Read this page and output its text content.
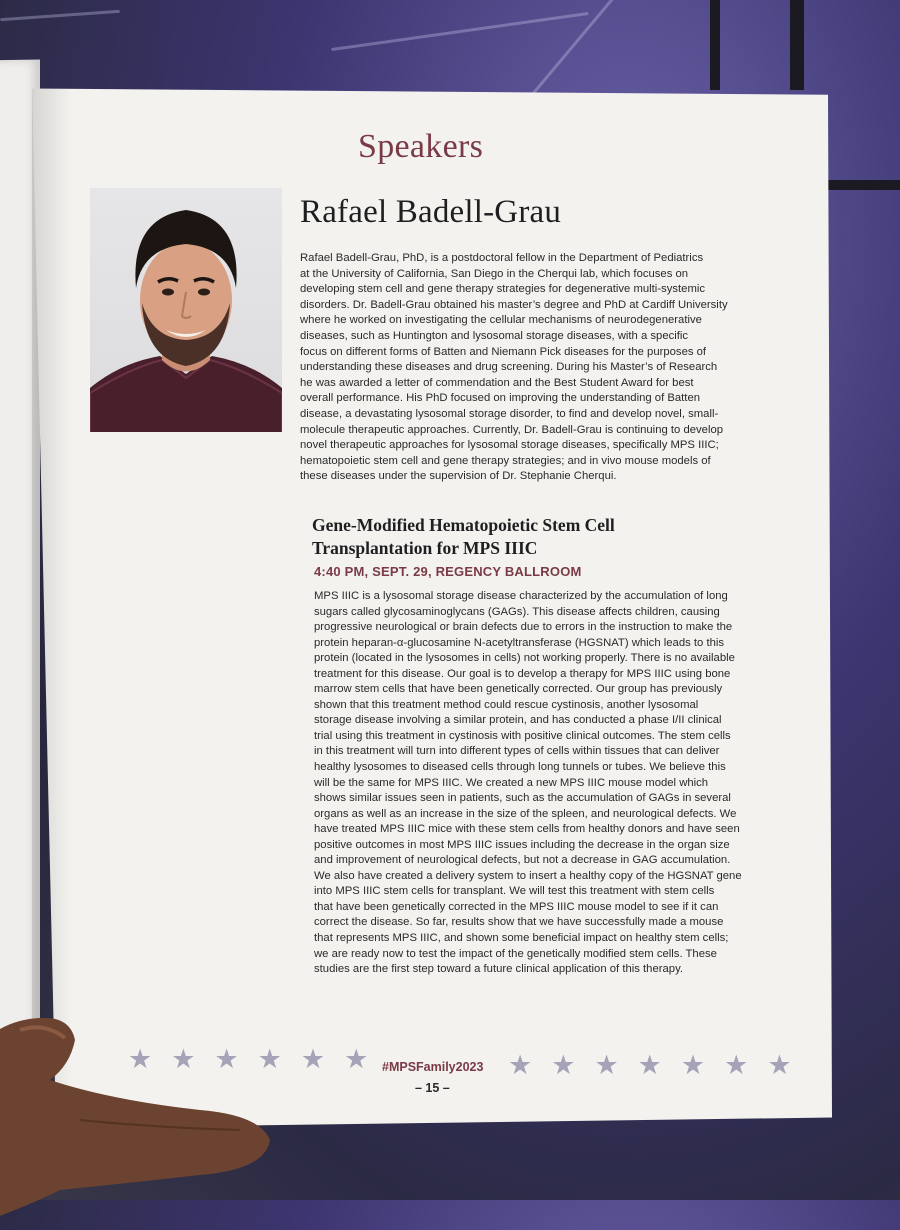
Speakers
Rafael Badell-Grau
Rafael Badell-Grau, PhD, is a postdoctoral fellow in the Department of Pediatrics
at the University of California, San Diego in the Cherqui lab, which focuses on
developing stem cell and gene therapy strategies for degenerative multi-systemic
disorders. Dr. Badell-Grau obtained his master’s degree and PhD at Cardiff University
where he worked on investigating the cellular mechanisms of neurodegenerative
diseases, such as Huntington and lysosomal storage diseases, with a specific
focus on different forms of Batten and Niemann Pick diseases for the purposes of
understanding these diseases and drug screening. During his Master’s of Research
he was awarded a letter of commendation and the Best Student Award for best
overall performance. His PhD focused on improving the understanding of Batten
disease, a devastating lysosomal storage disorder, to find and develop novel, small-
molecule therapeutic approaches. Currently, Dr. Badell-Grau is continuing to develop
novel therapeutic approaches for lysosomal storage diseases, specifically MPS IIIC;
hematopoietic stem cell and gene therapy strategies; and in vivo mouse models of
these diseases under the supervision of Dr. Stephanie Cherqui.
Gene-Modified Hematopoietic Stem Cell
Transplantation for MPS IIIC
4:40 PM, SEPT. 29, REGENCY BALLROOM
MPS IIIC is a lysosomal storage disease characterized by the accumulation of long
sugars called glycosaminoglycans (GAGs). This disease affects children, causing
progressive neurological or brain defects due to errors in the instruction to make the
protein heparan-α-glucosamine N-acetyltransferase (HGSNAT) which leads to this
protein (located in the lysosomes in cells) not working properly. There is no available
treatment for this disease. Our goal is to develop a therapy for MPS IIIC using bone
marrow stem cells that have been genetically corrected. Our group has previously
shown that this treatment method could rescue cystinosis, another lysosomal
storage disease involving a similar protein, and has conducted a phase I/II clinical
trial using this treatment in cystinosis with positive clinical outcomes. The stem cells
in this treatment will turn into different types of cells within tissues that can deliver
healthy lysosomes to diseased cells through long tunnels or tubes. We believe this
will be the same for MPS IIIC. We created a new MPS IIIC mouse model which
shows similar issues seen in patients, such as the accumulation of GAGs in several
organs as well as an increase in the size of the spleen, and neurological defects. We
have treated MPS IIIC mice with these stem cells from healthy donors and have seen
positive outcomes in most MPS IIIC issues including the decrease in the organ size
and improvement of neurological defects, but not a decrease in GAG accumulation.
We also have created a delivery system to insert a healthy copy of the HGSNAT gene
into MPS IIIC stem cells for transplant. We will test this treatment with stem cells
that have been genetically corrected in the MPS IIIC mouse model to see if it can
correct the disease. So far, results show that we have successfully made a mouse
that represents MPS IIIC, and shown some beneficial impact on healthy stem cells;
we are ready now to test the impact of the genetically modified stem cells. These
studies are the first step toward a future clinical application of this therapy.
★ ★ ★ ★ ★ ★ #MPSFamily2023 ★ ★ ★ ★ ★ ★ ★
– 15 –
